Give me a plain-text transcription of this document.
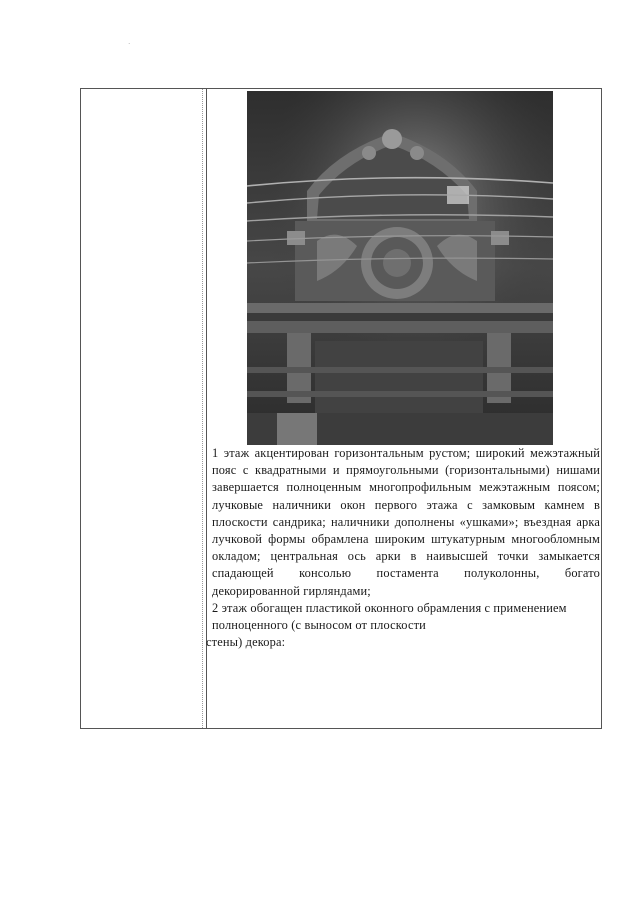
·

1 этаж акцентирован горизонтальным рустом; широкий межэтажный пояс с квадратными и прямоугольными (горизонтальными) нишами завершается полноценным многопрофильным межэтажным поясом; лучковые наличники окон первого этажа с замковым камнем в плоскости сандрика; наличники дополнены «ушками»; въездная арка лучковой формы обрамлена широким штукатурным многообломным окладом; центральная ось арки в наивысшей точки замыкается спадающей консолью постамента полуколонны, богато декорированной гирляндами;

2 этаж обогащен пластикой оконного обрамления с применением полноценного (с выносом от плоскости
стены) декора:
